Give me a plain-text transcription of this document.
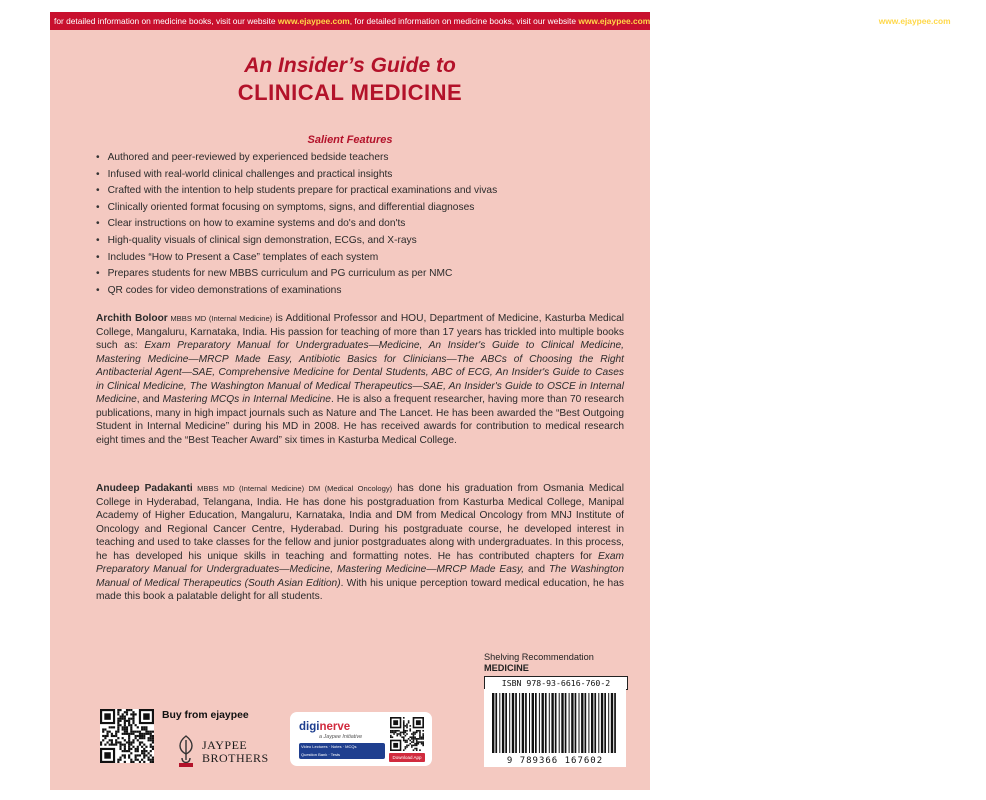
for detailed information on medicine books, visit our website www.ejaypee.com, for detailed information on medicine books, visit our website www.ejaypee.com, for detailed information on medicine books, visit our website www.ejaypee.com, for detai
An Insider’s Guide to
CLINICAL MEDICINE
Salient Features
• Authored and peer-reviewed by experienced bedside teachers
• Infused with real-world clinical challenges and practical insights
• Crafted with the intention to help students prepare for practical examinations and vivas
• Clinically oriented format focusing on symptoms, signs, and differential diagnoses
• Clear instructions on how to examine systems and do's and don'ts
• High-quality visuals of clinical sign demonstration, ECGs, and X-rays
• Includes “How to Present a Case” templates of each system
• Prepares students for new MBBS curriculum and PG curriculum as per NMC
• QR codes for video demonstrations of examinations
Archith Boloor MBBS MD (Internal Medicine) is Additional Professor and HOU, Department of Medicine, Kasturba Medical College, Mangaluru, Karnataka, India. His passion for teaching of more than 17 years has trickled into multiple books such as: Exam Preparatory Manual for Undergraduates—Medicine, An Insider's Guide to Clinical Medicine, Mastering Medicine—MRCP Made Easy, Antibiotic Basics for Clinicians—The ABCs of Choosing the Right Antibacterial Agent—SAE, Comprehensive Medicine for Dental Students, ABC of ECG, An Insider's Guide to Cases in Clinical Medicine, The Washington Manual of Medical Therapeutics—SAE, An Insider's Guide to OSCE in Internal Medicine, and Mastering MCQs in Internal Medicine. He is also a frequent researcher, having more than 70 research publications, many in high impact journals such as Nature and The Lancet. He has been awarded the “Best Outgoing Student in Internal Medicine” during his MD in 2008. He has received awards for contribution to medical research eight times and the “Best Teacher Award” six times in Kasturba Medical College.
Anudeep Padakanti MBBS MD (Internal Medicine) DM (Medical Oncology) has done his graduation from Osmania Medical College in Hyderabad, Telangana, India. He has done his postgraduation from Kasturba Medical College, Manipal Academy of Higher Education, Mangaluru, Karnataka, India and DM from Medical Oncology from MNJ Institute of Oncology and Regional Cancer Centre, Hyderabad. During his postgraduate course, he developed interest in teaching and used to take classes for the fellow and junior postgraduates along with undergraduates. In this process, he has developed his unique skills in teaching and formatting notes. He has contributed chapters for Exam Preparatory Manual for Undergraduates—Medicine, Mastering Medicine—MRCP Made Easy, and The Washington Manual of Medical Therapeutics (South Asian Edition). With his unique perception toward medical education, he has made this book a palatable delight for all students.
Shelving Recommendation
MEDICINE
ISBN 978-93-6616-760-2
9 789366 167602
Buy from ejaypee
JAYPEE
BROTHERS
diginerve
a Jaypee Initiative
Video Lectures · Notes · MCQs
Question Bank · Tests
Download App
